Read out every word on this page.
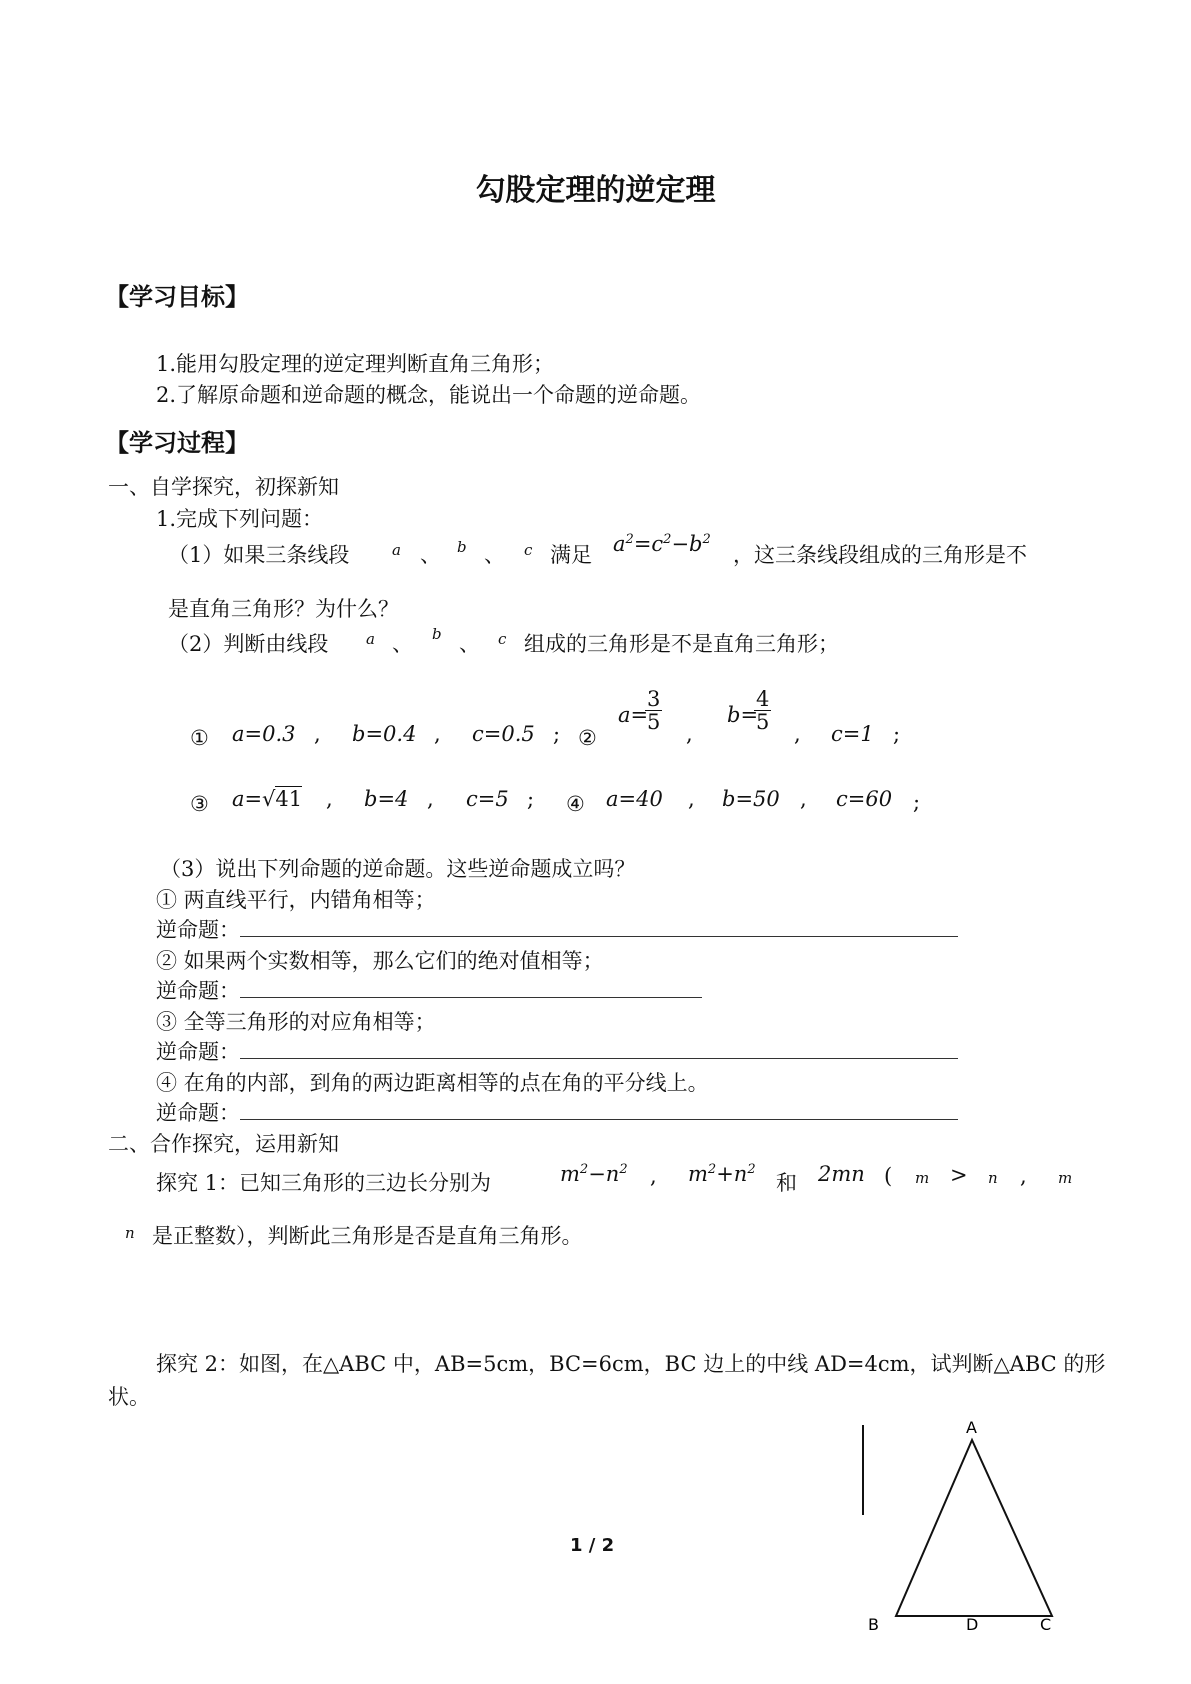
勾股定理的逆定理
【学习目标】
1.能用勾股定理的逆定理判断直角三角形；
2.了解原命题和逆命题的概念，能说出一个命题的逆命题。
【学习过程】
一、自学探究，初探新知
1.完成下列问题：
（1）如果三条线段	a 、 b 、 c 满足 $a^2=c^2-b^2$
，这三条线段组成的三角形是不
是直角三角形？为什么？
（2）判断由线段	a 、 b 、 c 组成的三角形是不是直角三角形；
① a=0.3 , b=0.4 , c=0.5 ; ②
a=
$\frac{3}{5}$
,
b=
$\frac{4}{5}$
, c=1 ;
③ a= √41 , b=4 , c=5 ; ④ a=40 , b=50 , c=60 ;
（3）说出下列命题的逆命题。这些逆命题成立吗？
① 两直线平行，内错角相等；
逆命题：
② 如果两个实数相等，那么它们的绝对值相等；
逆命题：
③ 全等三角形的对应角相等；
逆命题：
④ 在角的内部，到角的两边距离相等的点在角的平分线上。
逆命题：
二、合作探究，运用新知
探究 1：已知三角形的三边长分别为	$m^2-n^2$ , $m^2+n^2$
和 2mn ( m > n , m
n 是正整数），判断此三角形是否是直角三角形。
探究 2：如图，在△ABC 中，AB=5cm，BC=6cm，BC 边上的中线 AD=4cm，试判断△ABC 的形
状。
A
B	D	C
1 / 2
